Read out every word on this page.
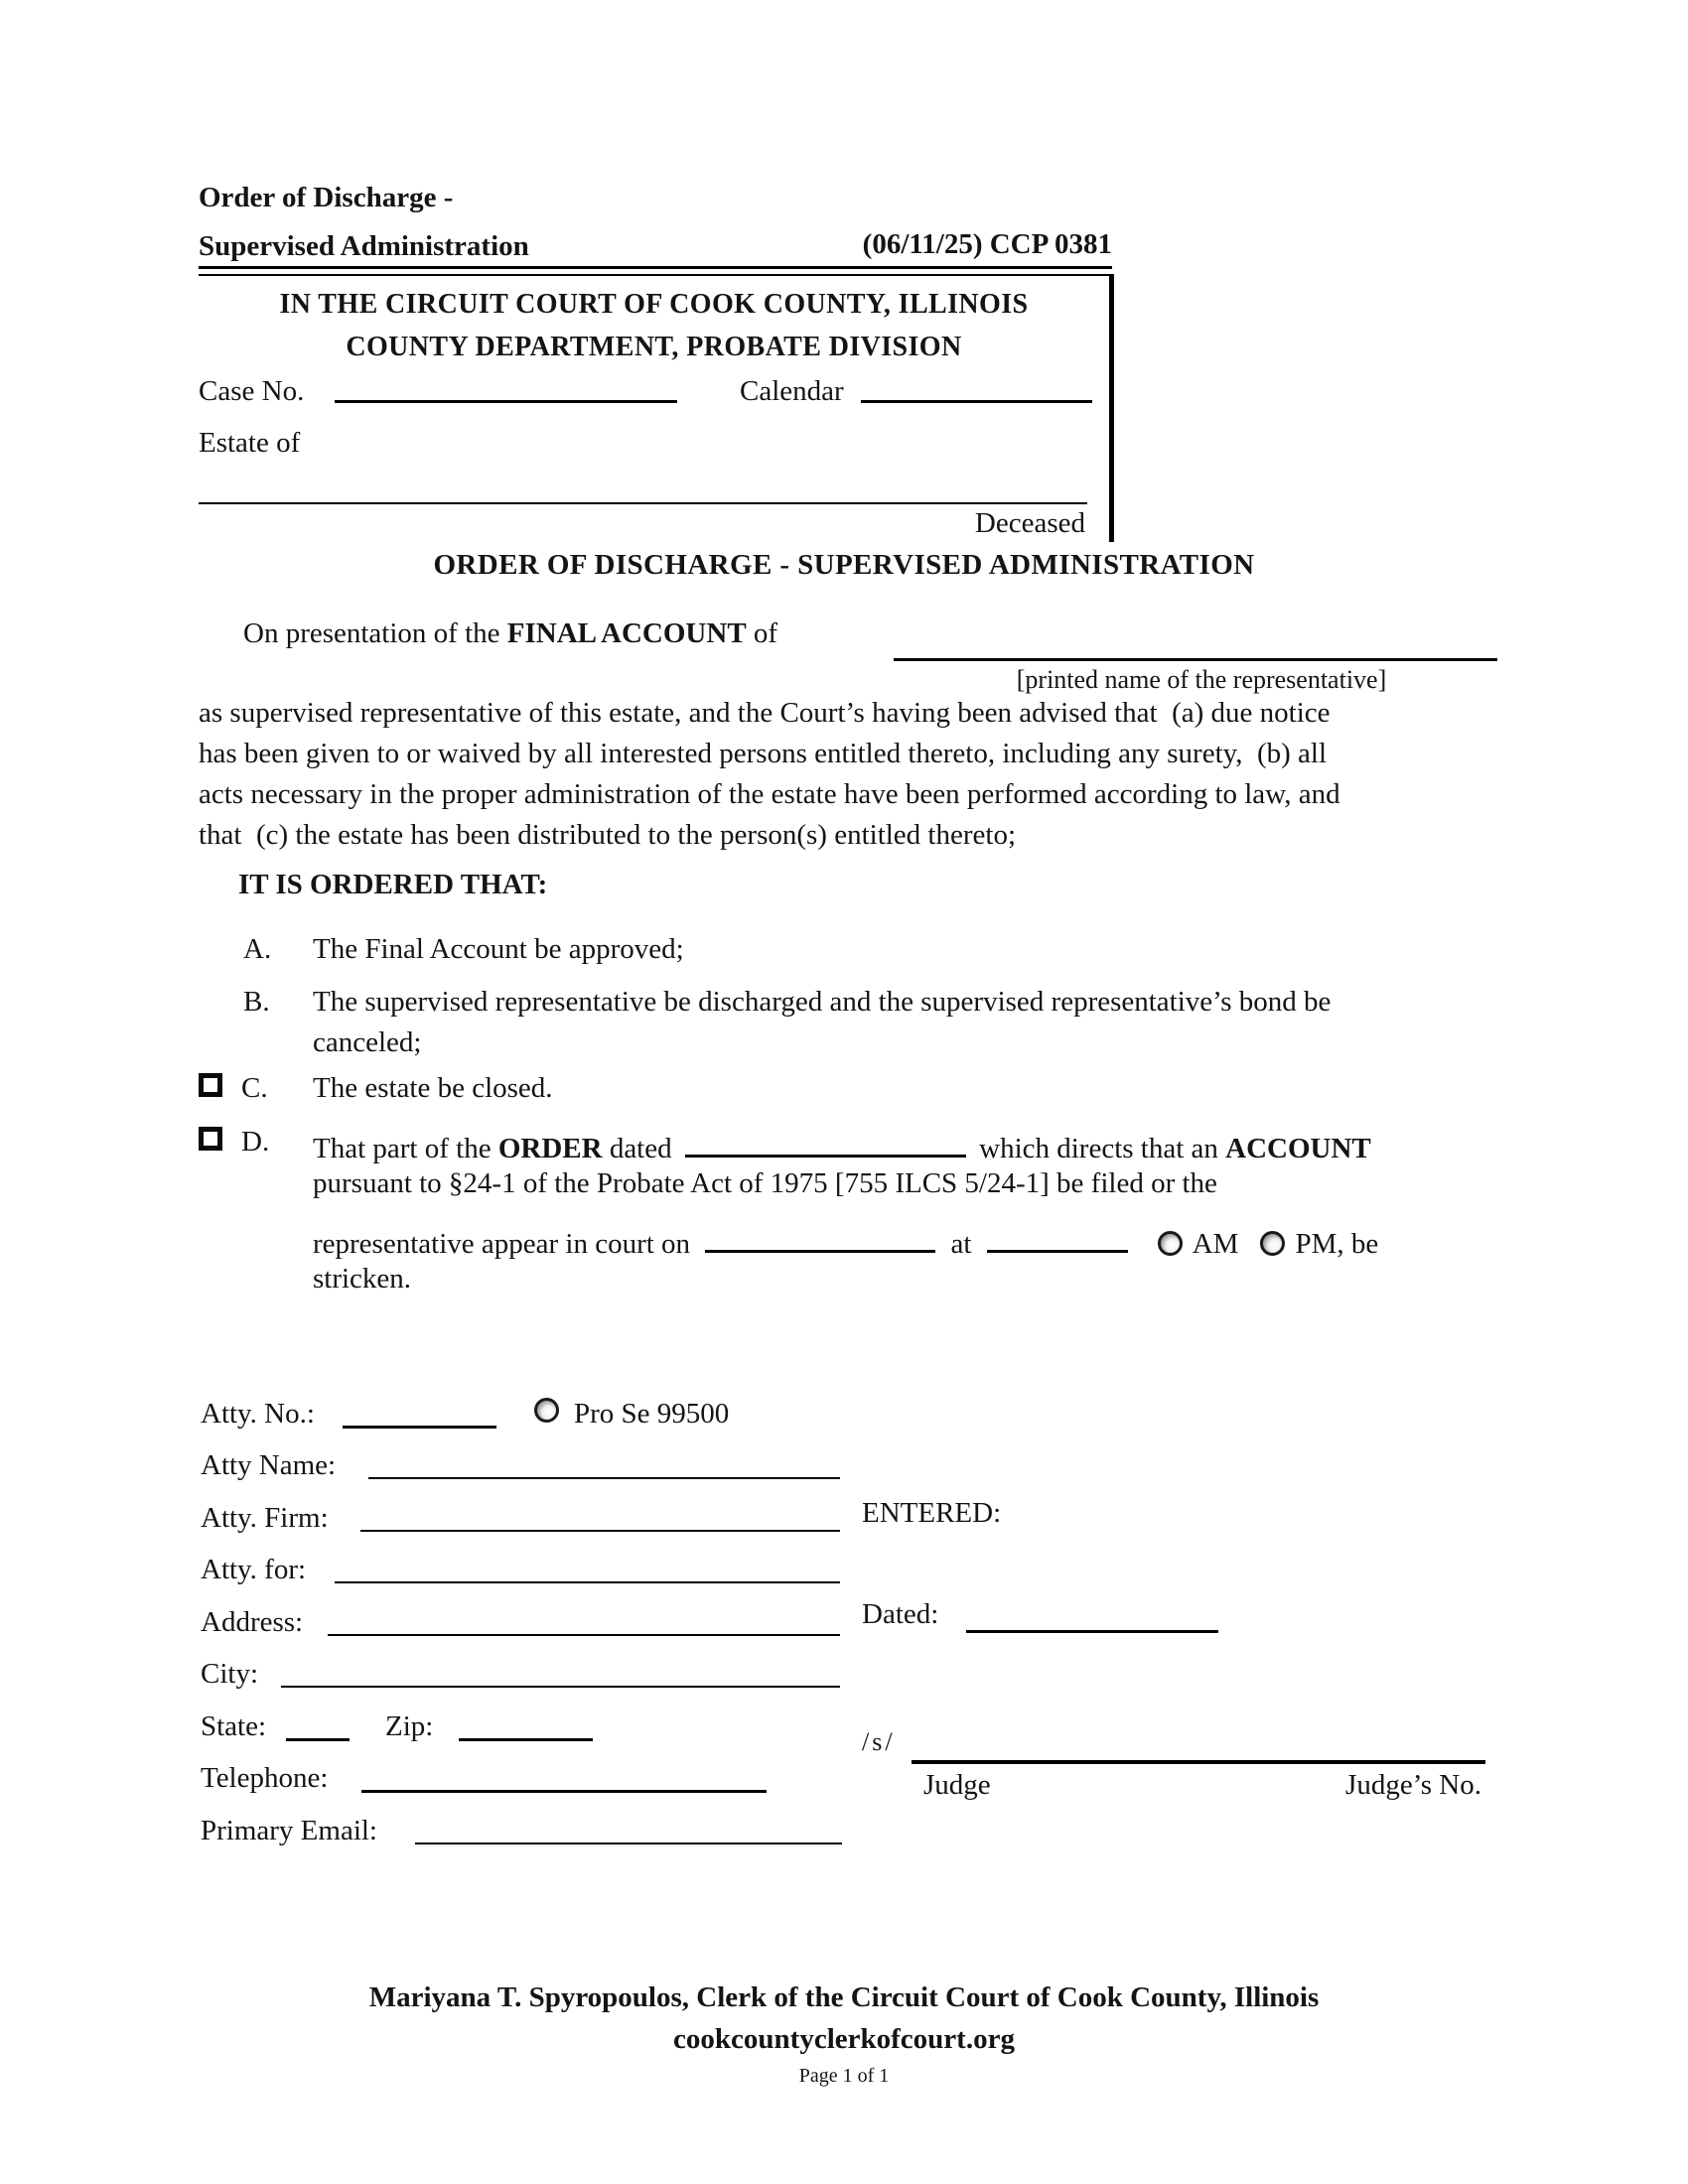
Order of Discharge -
Supervised Administration	(06/11/25) CCP 0381
IN THE CIRCUIT COURT OF COOK COUNTY, ILLINOIS
COUNTY DEPARTMENT, PROBATE DIVISION
Case No.	Calendar
Estate of
Deceased
ORDER OF DISCHARGE - SUPERVISED ADMINISTRATION
On presentation of the FINAL ACCOUNT of
[printed name of the representative]
as supervised representative of this estate, and the Court’s having been advised that  (a) due notice
has been given to or waived by all interested persons entitled thereto, including any surety,  (b) all
acts necessary in the proper administration of the estate have been performed according to law, and
that  (c) the estate has been distributed to the person(s) entitled thereto;
IT IS ORDERED THAT:
A. The Final Account be approved;
B. The supervised representative be discharged and the supervised representative’s bond be
canceled;
C. The estate be closed.
D. That part of the ORDER dated	which directs that an ACCOUNT
pursuant to §24-1 of the Probate Act of 1975 [755 ILCS 5/24-1] be filed or the
representative appear in court on	at	AM PM, be
stricken.
Atty. No.:	Pro Se 99500
Atty Name:
Atty. Firm:
Atty. for:
Address:
City:
State:	Zip:
Telephone:
Primary Email:
ENTERED:
Dated:
/s/
Judge	Judge’s No.
Mariyana T. Spyropoulos, Clerk of the Circuit Court of Cook County, Illinois
cookcountyclerkofcourt.org
Page 1 of 1
